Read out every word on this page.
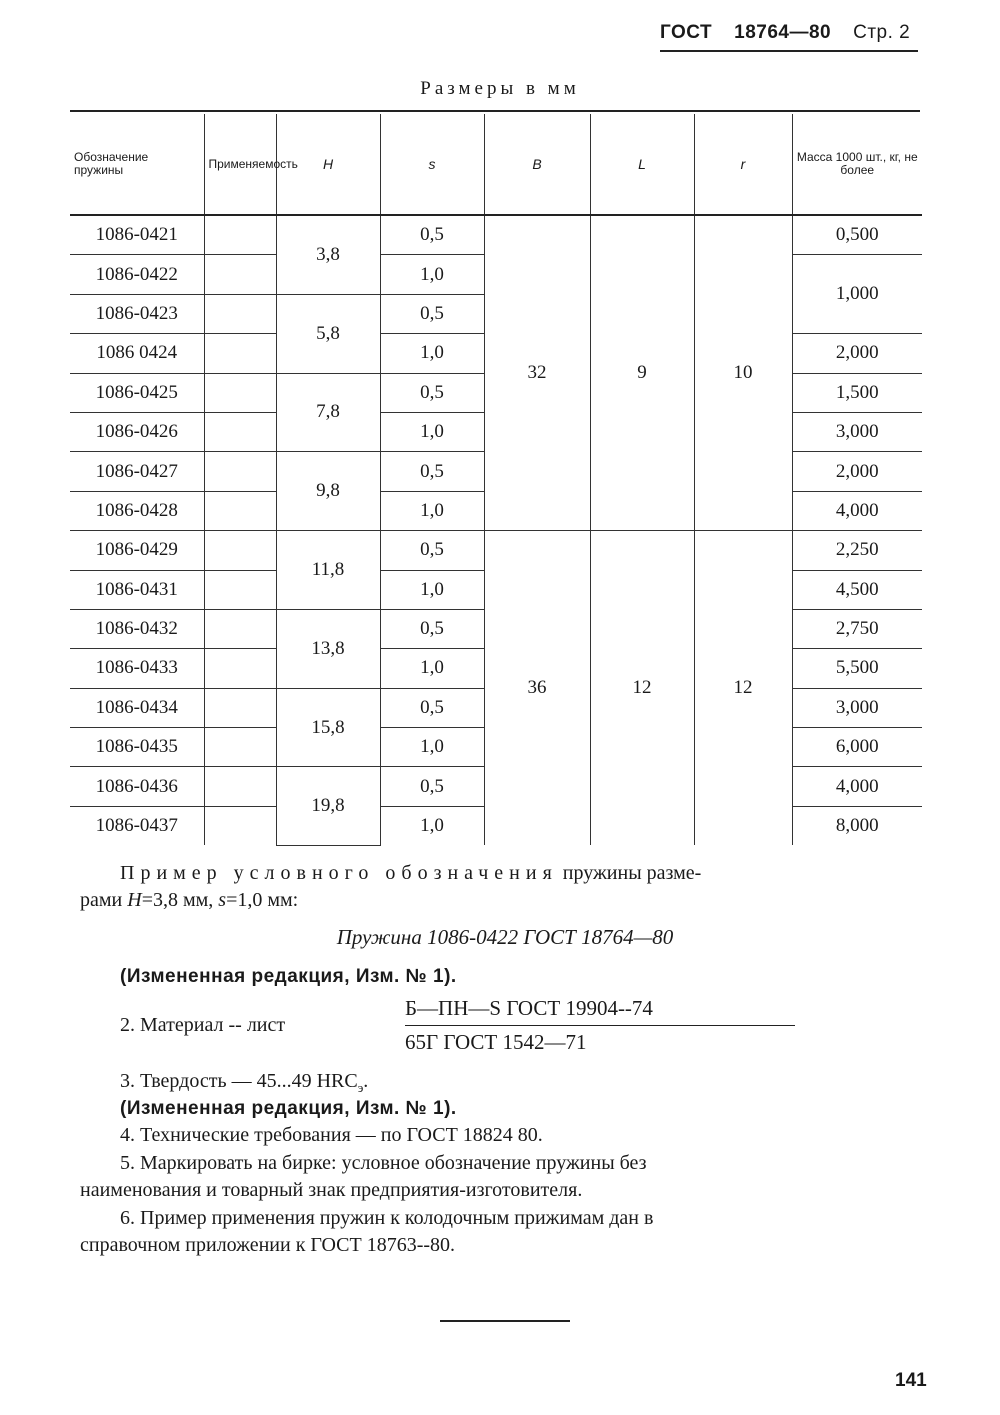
ГОСТ 18764—80 Стр. 2
Размеры в мм
Обозначение пружины	Применяемость	H	s	B	L	r	Масса 1000 шт., кг, не более
1086-0421		3,8	0,5	32	9	10	0,500
1086-0422			1,0				1,000
1086-0423		5,8	0,5				
1086 0424			1,0				2,000
1086-0425		7,8	0,5				1,500
1086-0426			1,0				3,000
1086-0427		9,8	0,5				2,000
1086-0428			1,0				4,000
1086-0429		11,8	0,5	36	12	12	2,250
1086-0431			1,0				4,500
1086-0432		13,8	0,5				2,750
1086-0433			1,0				5,500
1086-0434		15,8	0,5				3,000
1086-0435			1,0				6,000
1086-0436		19,8	0,5				4,000
1086-0437			1,0				8,000

Пример условного обозначения пружины разме-
рами H=3,8 мм, s=1,0 мм:

Пружина 1086-0422 ГОСТ 18764—80

(Измененная редакция, Изм. № 1).

2. Материал -- лист

Б—ПН—S ГОСТ 19904--74
65Г ГОСТ 1542—71

3. Твердость — 45...49 $HRC_э$.

(Измененная редакция, Изм. № 1).

4. Технические требования — по ГОСТ 18824 80.

5. Маркировать на бирке: условное обозначение пружины без
наименования и товарный знак предприятия-изготовителя.

6. Пример применения пружин к колодочным прижимам дан в
справочном приложении к ГОСТ 18763--80.

141
